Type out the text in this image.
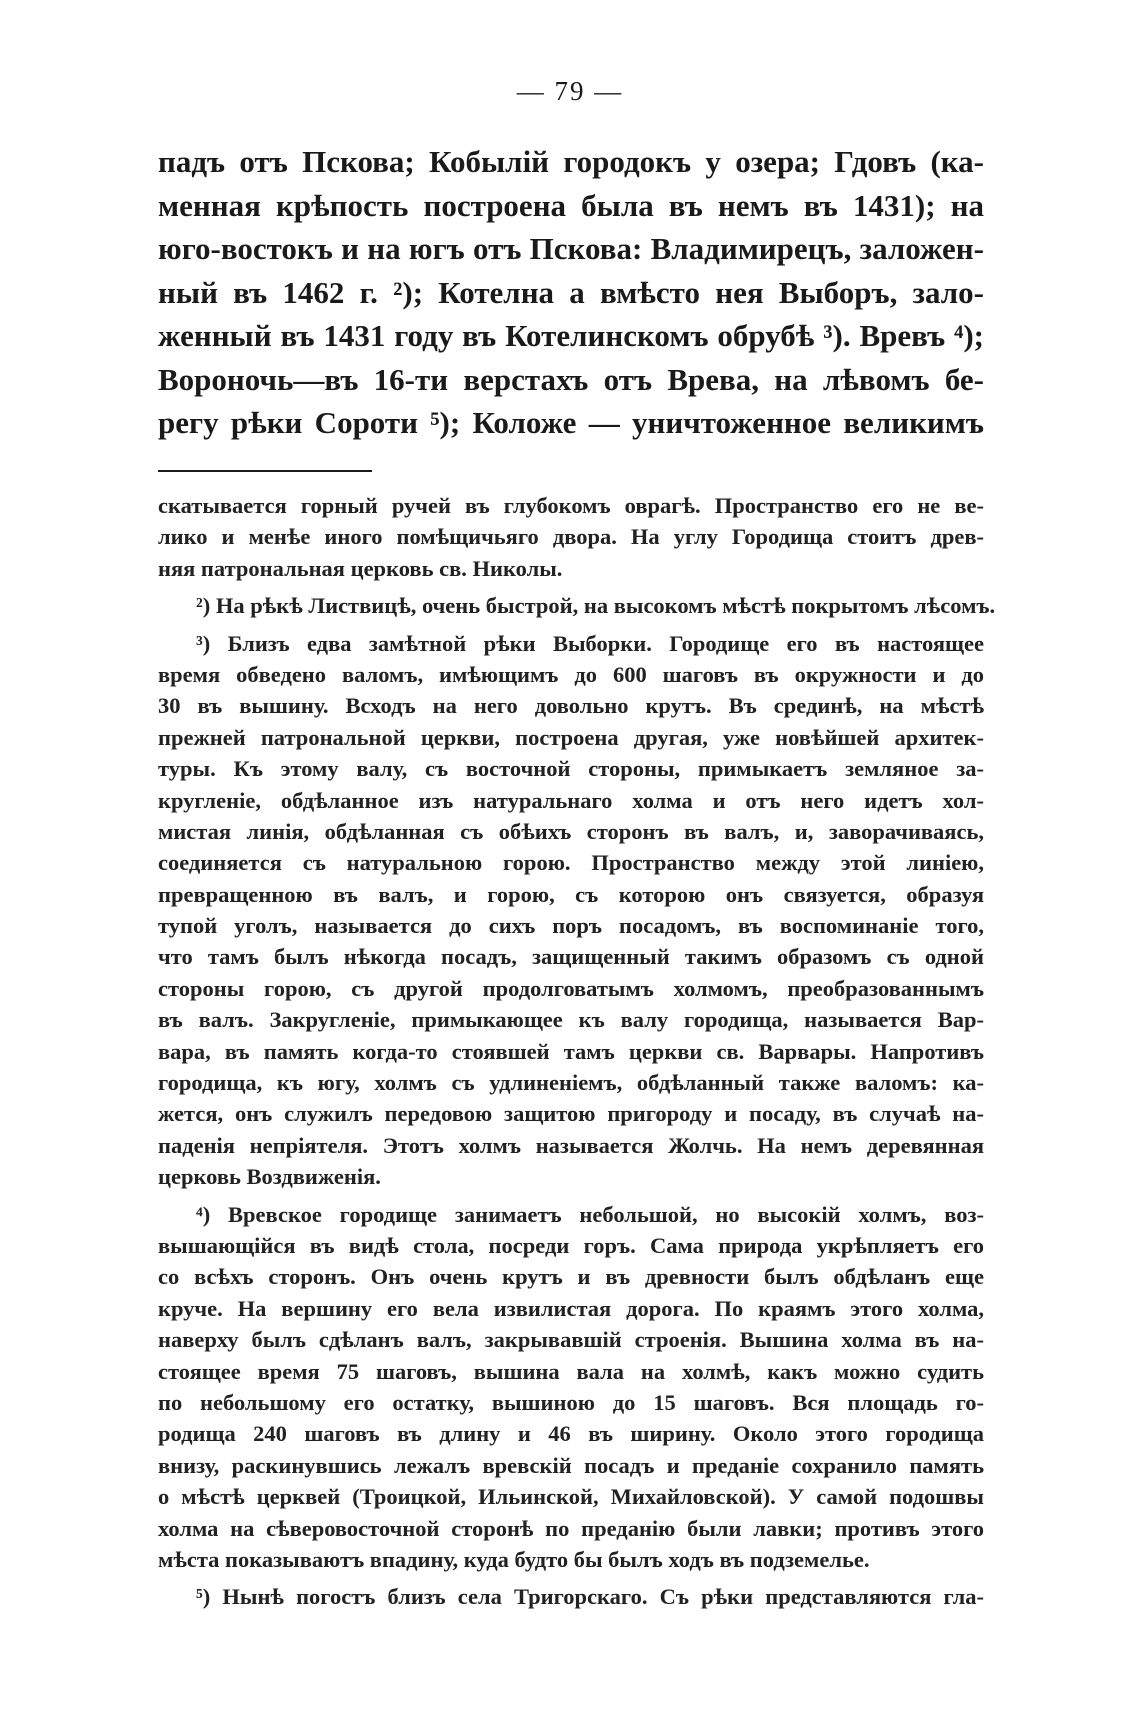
— 79 —
падъ отъ Пскова; Кобылій городокъ у озера; Гдовъ (ка-
менная крѣпость построена была въ немъ въ 1431); на
юго-востокъ и на югъ отъ Пскова: Владимирецъ, заложен-
ный въ 1462 г. ²); Котелна а вмѣсто нея Выборъ, зало-
женный въ 1431 году въ Котелинскомъ обрубѣ ³). Вревъ ⁴);
Вороночь—въ 16-ти верстахъ отъ Врева, на лѣвомъ бе-
регу рѣки Сороти ⁵); Коложе — уничтоженное великимъ
скатывается горный ручей въ глубокомъ оврагѣ. Пространство его не ве-
лико и менѣе иного помѣщичьяго двора. На углу Городища стоитъ древ-
няя патрональная церковь св. Николы.
²) На рѣкѣ Листвицѣ, очень быстрой, на высокомъ мѣстѣ покрытомъ лѣсомъ.
³) Близъ едва замѣтной рѣки Выборки. Городище его въ настоящее
время обведено валомъ, имѣющимъ до 600 шаговъ въ окружности и до
30 въ вышину. Всходъ на него довольно крутъ. Въ срединѣ, на мѣстѣ
прежней патрональной церкви, построена другая, уже новѣйшей архитек-
туры. Къ этому валу, съ восточной стороны, примыкаетъ земляное за-
кругленіе, обдѣланное изъ натуральнаго холма и отъ него идетъ хол-
мистая линія, обдѣланная съ обѣихъ сторонъ въ валъ, и, заворачиваясь,
соединяется съ натуральною горою. Пространство между этой линіею,
превращенною въ валъ, и горою, съ которою онъ связуется, образуя
тупой уголъ, называется до сихъ поръ посадомъ, въ воспоминаніе того,
что тамъ былъ нѣкогда посадъ, защищенный такимъ образомъ съ одной
стороны горою, съ другой продолговатымъ холмомъ, преобразованнымъ
въ валъ. Закругленіе, примыкающее къ валу городища, называется Вар-
вара, въ память когда-то стоявшей тамъ церкви св. Варвары. Напротивъ
городища, къ югу, холмъ съ удлиненіемъ, обдѣланный также валомъ: ка-
жется, онъ служилъ передовою защитою пригороду и посаду, въ случаѣ на-
паденія непріятеля. Этотъ холмъ называется Жолчь. На немъ деревянная
церковь Воздвиженія.
⁴) Вревское городище занимаетъ небольшой, но высокій холмъ, воз-
вышающійся въ видѣ стола, посреди горъ. Сама природа укрѣпляетъ его
со всѣхъ сторонъ. Онъ очень крутъ и въ древности былъ обдѣланъ еще
круче. На вершину его вела извилистая дорога. По краямъ этого холма,
наверху былъ сдѣланъ валъ, закрывавшій строенія. Вышина холма въ на-
стоящее время 75 шаговъ, вышина вала на холмѣ, какъ можно судить
по небольшому его остатку, вышиною до 15 шаговъ. Вся площадь го-
родища 240 шаговъ въ длину и 46 въ ширину. Около этого городища
внизу, раскинувшись лежалъ вревскій посадъ и преданіе сохранило память
о мѣстѣ церквей (Троицкой, Ильинской, Михайловской). У самой подошвы
холма на сѣверовосточной сторонѣ по преданію были лавки; противъ этого
мѣста показываютъ впадину, куда будто бы былъ ходъ въ подземелье.
⁵) Нынѣ погостъ близъ села Тригорскаго. Съ рѣки представляются гла-
